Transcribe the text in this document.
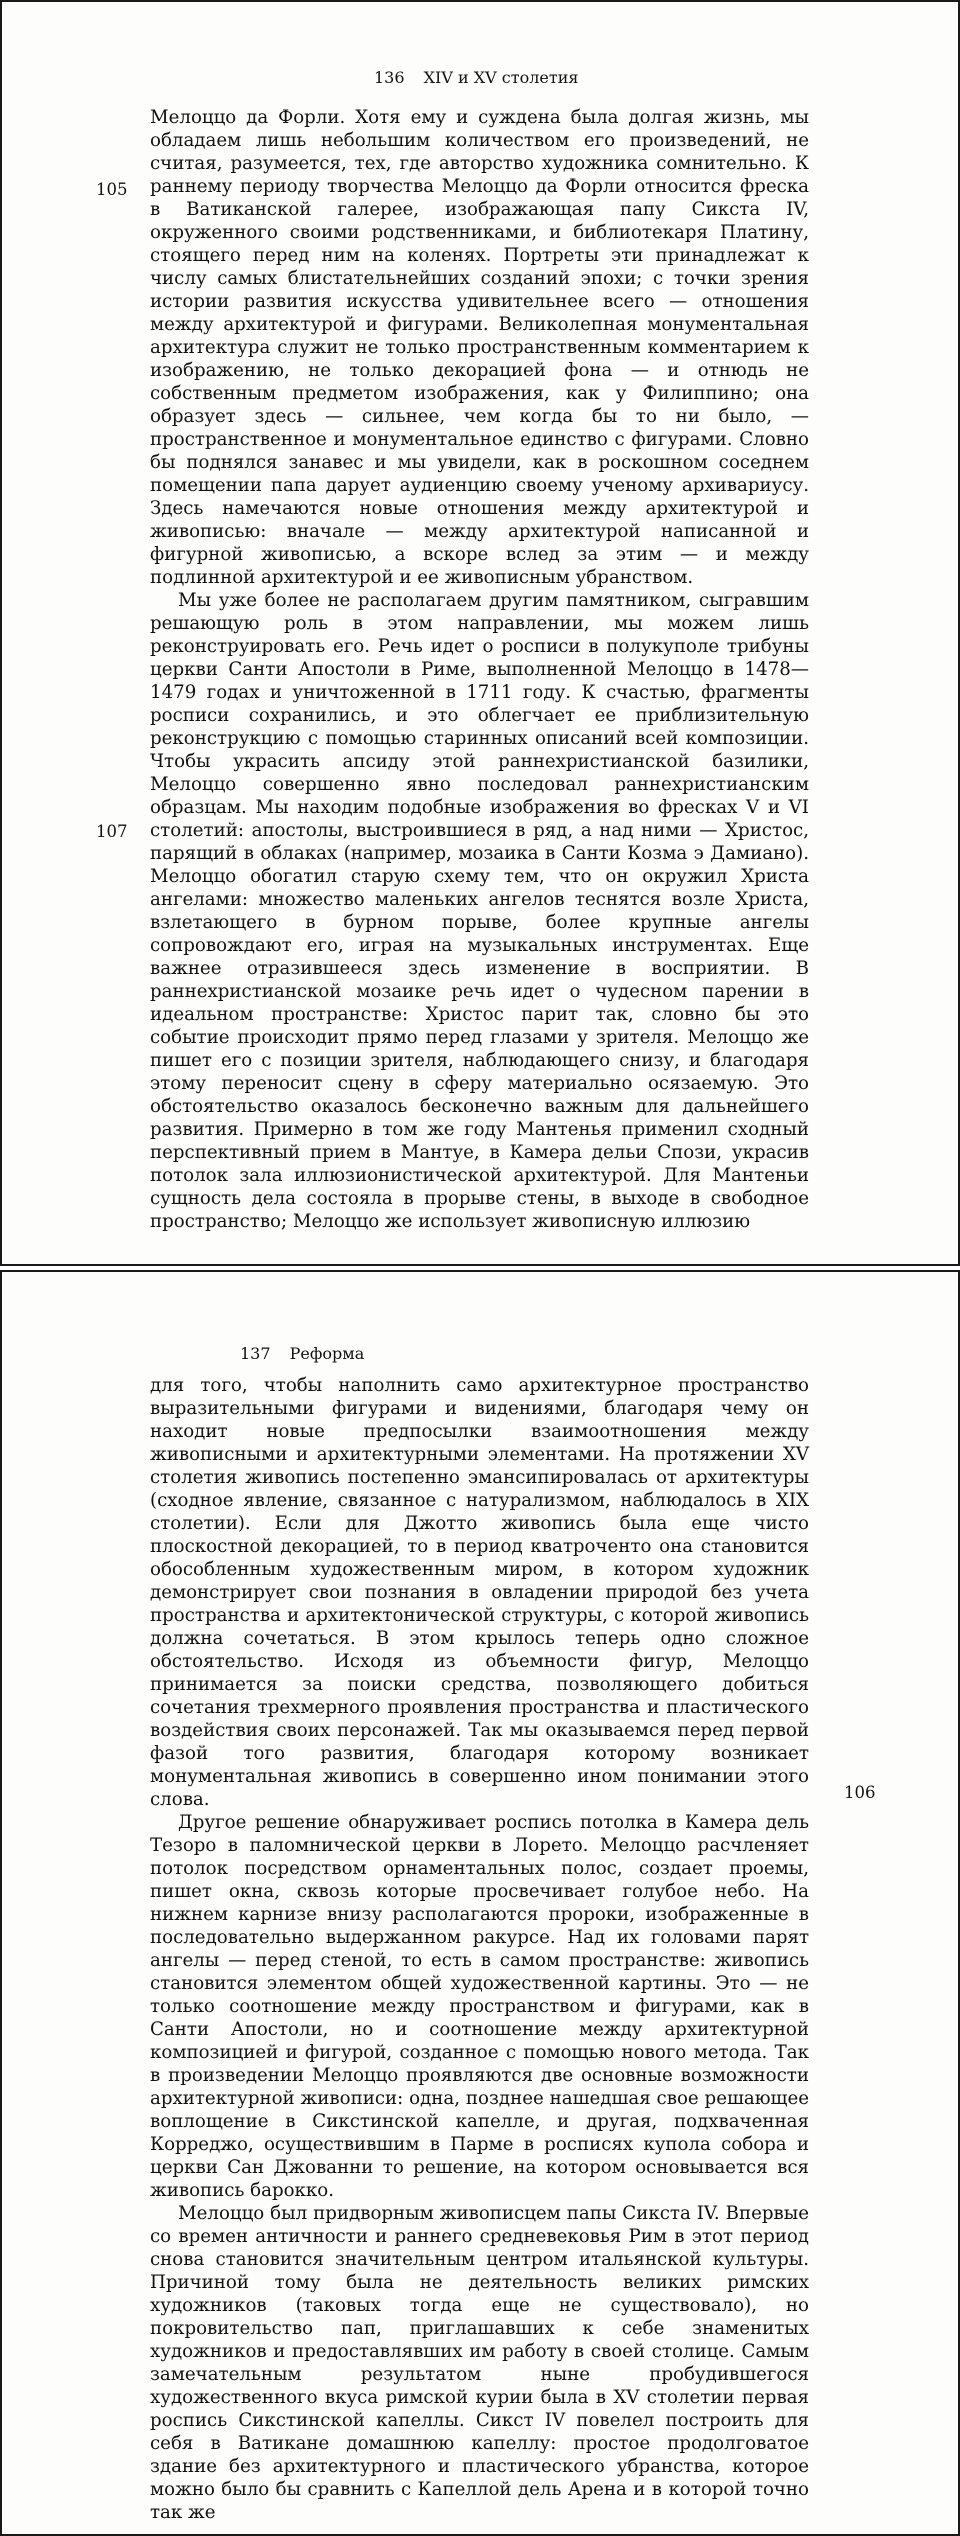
136 XIV и XV столетия
105
107

Мелоццо да Форли. Хотя ему и суждена была долгая жизнь, мы обладаем лишь небольшим количеством его произведений, не считая, разумеется, тех, где авторство художника сомнительно. К раннему периоду творчества Мелоццо да Форли относится фреска в Ватиканской галерее, изображающая папу Сикста IV, окруженного своими родственниками, и библиотекаря Платину, стоящего перед ним на коленях. Портреты эти принадлежат к числу самых блистательнейших созданий эпохи; с точки зрения истории развития искусства удивительнее всего — отношения между архитектурой и фигурами. Великолепная монументальная архитектура служит не только пространственным комментарием к изображению, не только декорацией фона — и отнюдь не собственным предметом изображения, как у Филиппино; она образует здесь — сильнее, чем когда бы то ни было, — пространственное и монументальное единство с фигурами. Словно бы поднялся занавес и мы увидели, как в роскошном соседнем помещении папа дарует аудиенцию своему ученому архивариусу. Здесь намечаются новые отношения между архитектурой и живописью: вначале — между архитектурой написанной и фигурной живописью, а вскоре вслед за этим — и между подлинной архитектурой и ее живописным убранством.

Мы уже более не располагаем другим памятником, сыгравшим решающую роль в этом направлении, мы можем лишь реконструировать его. Речь идет о росписи в полукуполе трибуны церкви Санти Апостоли в Риме, выполненной Мелоццо в 1478—1479 годах и уничтоженной в 1711 году. К счастью, фрагменты росписи сохранились, и это облегчает ее приблизительную реконструкцию с помощью старинных описаний всей композиции. Чтобы украсить апсиду этой раннехристианской базилики, Мелоццо совершенно явно последовал раннехристианским образцам. Мы находим подобные изображения во фресках V и VI столетий: апостолы, выстроившиеся в ряд, а над ними — Христос, парящий в облаках (например, мозаика в Санти Козма э Дамиано). Мелоццо обогатил старую схему тем, что он окружил Христа ангелами: множество маленьких ангелов теснятся возле Христа, взлетающего в бурном порыве, более крупные ангелы сопровождают его, играя на музыкальных инструментах. Еще важнее отразившееся здесь изменение в восприятии. В раннехристианской мозаике речь идет о чудесном парении в идеальном пространстве: Христос парит так, словно бы это событие происходит прямо перед глазами у зрителя. Мелоццо же пишет его с позиции зрителя, наблюдающего снизу, и благодаря этому переносит сцену в сферу материально осязаемую. Это обстоятельство оказалось бесконечно важным для дальнейшего развития. Примерно в том же году Мантенья применил сходный перспективный прием в Мантуе, в Камера дельи Спози, украсив потолок зала иллюзионистической архитектурой. Для Мантеньи сущность дела состояла в прорыве стены, в выходе в свободное пространство; Мелоццо же использует живописную иллюзию

137 Реформа
106

для того, чтобы наполнить само архитектурное пространство выразительными фигурами и видениями, благодаря чему он находит новые предпосылки взаимоотношения между живописными и архитектурными элементами. На протяжении XV столетия живопись постепенно эмансипировалась от архитектуры (сходное явление, связанное с натурализмом, наблюдалось в XIX столетии). Если для Джотто живопись была еще чисто плоскостной декорацией, то в период кватроченто она становится обособленным художественным миром, в котором художник демонстрирует свои познания в овладении природой без учета пространства и архитектонической структуры, с которой живопись должна сочетаться. В этом крылось теперь одно сложное обстоятельство. Исходя из объемности фигур, Мелоццо принимается за поиски средства, позволяющего добиться сочетания трехмерного проявления пространства и пластического воздействия своих персонажей. Так мы оказываемся перед первой фазой того развития, благодаря которому возникает монументальная живопись в совершенно ином понимании этого слова.

Другое решение обнаруживает роспись потолка в Камера дель Тезоро в паломнической церкви в Лорето. Мелоццо расчленяет потолок посредством орнаментальных полос, создает проемы, пишет окна, сквозь которые просвечивает голубое небо. На нижнем карнизе внизу располагаются пророки, изображенные в последовательно выдержанном ракурсе. Над их головами парят ангелы — перед стеной, то есть в самом пространстве: живопись становится элементом общей художественной картины. Это — не только соотношение между пространством и фигурами, как в Санти Апостоли, но и соотношение между архитектурной композицией и фигурой, созданное с помощью нового метода. Так в произведении Мелоццо проявляются две основные возможности архитектурной живописи: одна, позднее нашедшая свое решающее воплощение в Сикстинской капелле, и другая, подхваченная Корреджо, осуществившим в Парме в росписях купола собора и церкви Сан Джованни то решение, на котором основывается вся живопись барокко.

Мелоццо был придворным живописцем папы Сикста IV. Впервые со времен античности и раннего средневековья Рим в этот период снова становится значительным центром итальянской культуры. Причиной тому была не деятельность великих римских художников (таковых тогда еще не существовало), но покровительство пап, приглашавших к себе знаменитых художников и предоставлявших им работу в своей столице. Самым замечательным результатом ныне пробудившегося художественного вкуса римской курии была в XV столетии первая роспись Сикстинской капеллы. Сикст IV повелел построить для себя в Ватикане домашнюю капеллу: простое продолговатое здание без архитектурного и пластического убранства, которое можно было бы сравнить с Капеллой дель Арена и в которой точно так же
